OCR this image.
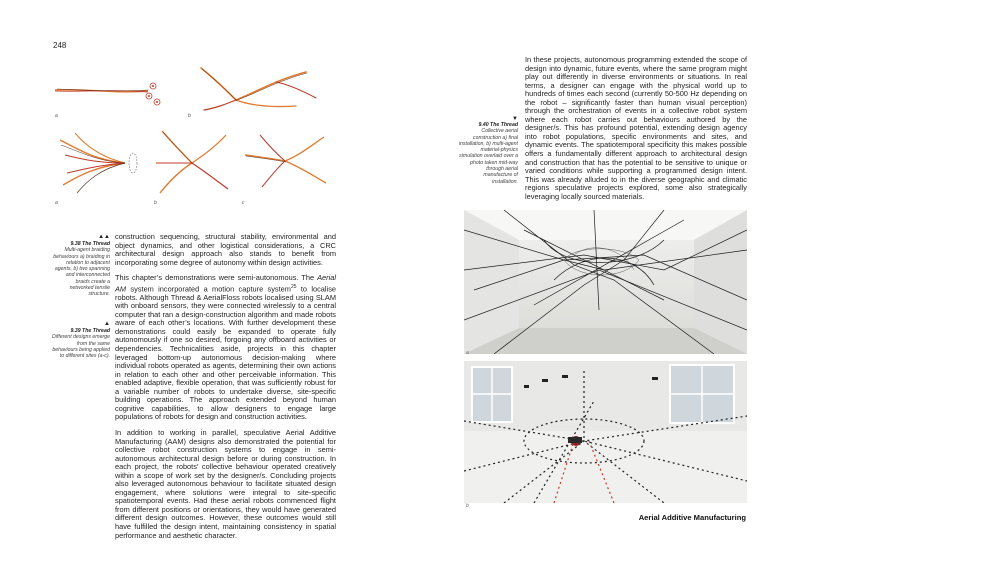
248
a	b
a	b	c
▲▲
9.38 The Thread
Multi-agent braiding behaviours a) braiding in relation to adjacent agents, b) two spanning and interconnected braids create a networked tensile structure.
▲
9.39 The Thread
Different designs emerge from the same behaviours being applied to different sites (a-c).
▼
9.40 The Thread
Collective aerial construction a) final installation, b) multi-agent material-physics simulation overlaid over a photo taken mid-way through aerial manufacture of installation.

construction sequencing, structural stability, environmental and object dynamics, and other logistical considerations, a CRC architectural design approach also stands to benefit from incorporating some degree of autonomy within design activities.

This chapter’s demonstrations were semi-autonomous. The Aerial AM system incorporated a motion capture system$^{25}$ to localise robots. Although Thread & AerialFloss robots localised using SLAM with onboard sensors, they were connected wirelessly to a central computer that ran a design-construction algorithm and made robots aware of each other’s locations. With further development these demonstrations could easily be expanded to operate fully autonomously if one so desired, forgoing any offboard activities or dependencies. Technicalities aside, projects in this chapter leveraged bottom-up autonomous decision-making where individual robots operated as agents, determining their own actions in relation to each other and other perceivable information. This enabled adaptive, flexible operation, that was sufficiently robust for a variable number of robots to undertake diverse, site-specific building operations. The approach extended beyond human cognitive capabilities, to allow designers to engage large populations of robots for design and construction activities.

In addition to working in parallel, speculative Aerial Additive Manufacturing (AAM) designs also demonstrated the potential for collective robot construction systems to engage in semi-autonomous architectural design before or during construction. In each project, the robots’ collective behaviour operated creatively within a scope of work set by the designer/s. Concluding projects also leveraged autonomous behaviour to facilitate situated design engagement, where solutions were integral to site-specific spatiotemporal events. Had these aerial robots commenced flight from different positions or orientations, they would have generated different design outcomes. However, these outcomes would still have fulfilled the design intent, maintaining consistency in spatial performance and aesthetic character.

In these projects, autonomous programming extended the scope of design into dynamic, future events, where the same program might play out differently in diverse environments or situations. In real terms, a designer can engage with the physical world up to hundreds of times each second (currently 50-500 Hz depending on the robot – significantly faster than human visual perception) through the orchestration of events in a collective robot system where each robot carries out behaviours authored by the designer/s. This has profound potential, extending design agency into robot populations, specific environments and sites, and dynamic events. The spatiotemporal specificity this makes possible offers a fundamentally different approach to architectural design and construction that has the potential to be sensitive to unique or varied conditions while supporting a programmed design intent. This was already alluded to in the diverse geographic and climatic regions speculative projects explored, some also strategically leveraging locally sourced materials.

a
b
Aerial Additive Manufacturing
